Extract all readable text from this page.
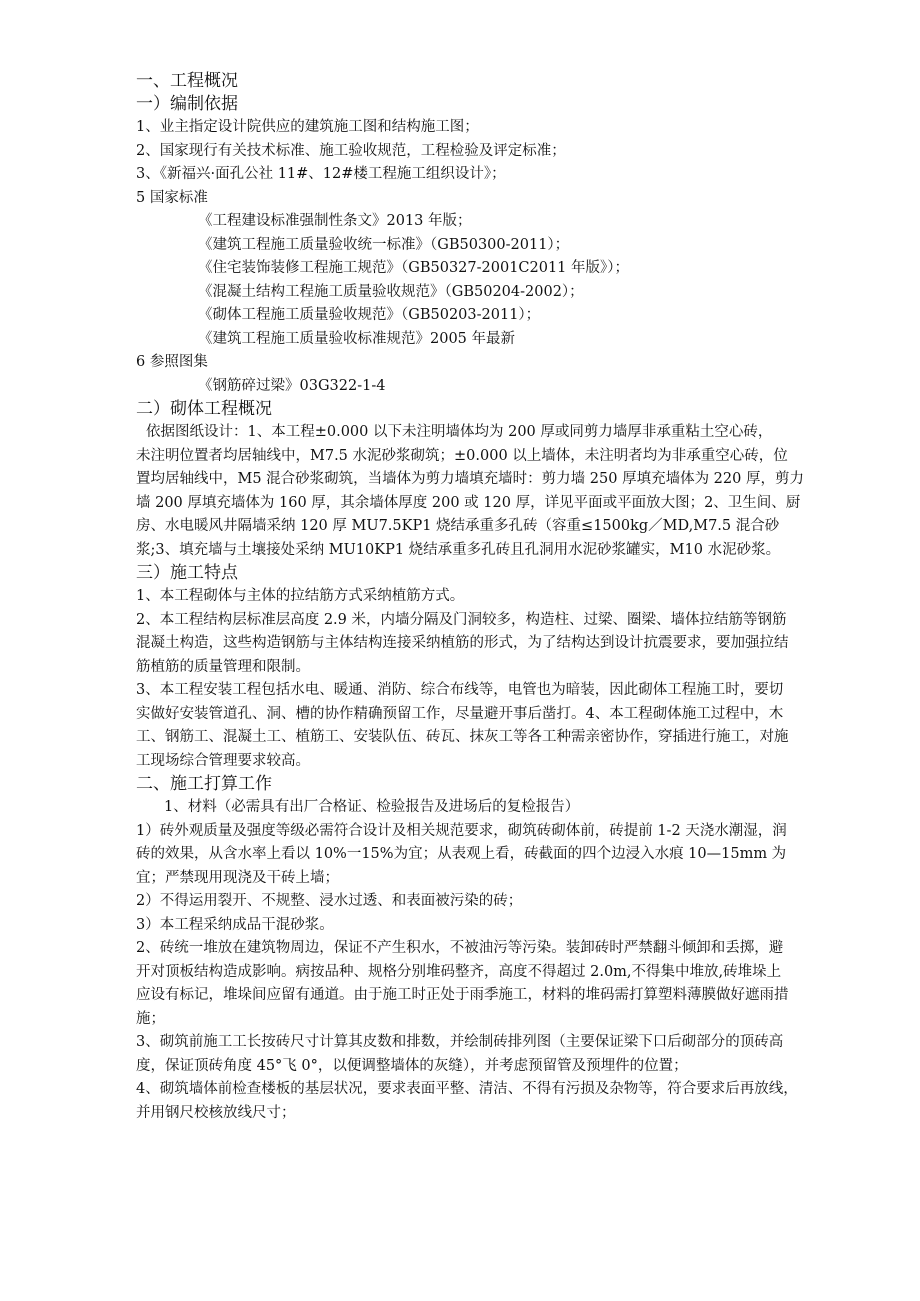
一、工程概况
一）编制依据
1、业主指定设计院供应的建筑施工图和结构施工图；
2、国家现行有关技术标准、施工验收规范，工程检验及评定标准；
3、《新福兴·面孔公社 11#、12#楼工程施工组织设计》；
5 国家标准
《工程建设标准强制性条文》2013 年版；
《建筑工程施工质量验收统一标准》（GB50300-2011）；
《住宅装饰装修工程施工规范》（GB50327-2001C2011 年版》）；
《混凝土结构工程施工质量验收规范》（GB50204-2002）；
《砌体工程施工质量验收规范》（GB50203-2011）；
《建筑工程施工质量验收标准规范》2005 年最新
6 参照图集
《钢筋碎过梁》03G322-1-4
二）砌体工程概况
依据图纸设计：1、本工程±0.000 以下未注明墙体均为 200 厚或同剪力墙厚非承重粘土空心砖，
未注明位置者均居轴线中，M7.5 水泥砂浆砌筑；±0.000 以上墙体，未注明者均为非承重空心砖，位
置均居轴线中，M5 混合砂浆砌筑，当墙体为剪力墙填充墙时：剪力墙 250 厚填充墙体为 220 厚，剪力
墙 200 厚填充墙体为 160 厚，其余墙体厚度 200 或 120 厚，详见平面或平面放大图；2、卫生间、厨
房、水电暖风井隔墙采纳 120 厚 MU7.5KP1 烧结承重多孔砖（容重≤1500kg／MD,M7.5 混合砂
浆;3、填充墙与土壤接处采纳 MU10KP1 烧结承重多孔砖且孔洞用水泥砂浆罐实，M10 水泥砂浆。
三）施工特点
1、本工程砌体与主体的拉结筋方式采纳植筋方式。
2、本工程结构层标准层高度 2.9 米，内墙分隔及门洞较多，构造柱、过梁、圈梁、墙体拉结筋等钢筋
混凝土构造，这些构造钢筋与主体结构连接采纳植筋的形式，为了结构达到设计抗震要求，要加强拉结
筋植筋的质量管理和限制。
3、本工程安装工程包括水电、暖通、消防、综合布线等，电管也为暗装，因此砌体工程施工时，要切
实做好安装管道孔、洞、槽的协作精确预留工作，尽量避开事后凿打。4、本工程砌体施工过程中，木
工、钢筋工、混凝土工、植筋工、安装队伍、砖瓦、抹灰工等各工种需亲密协作，穿插进行施工，对施
工现场综合管理要求较高。
二、施工打算工作
1、材料（必需具有出厂合格证、检验报告及进场后的复检报告）
1）砖外观质量及强度等级必需符合设计及相关规范要求，砌筑砖砌体前，砖提前 1-2 天浇水潮湿，润
砖的效果，从含水率上看以 10%一15%为宜；从表观上看，砖截面的四个边浸入水痕 10—15mm 为
宜；严禁现用现浇及干砖上墙；
2）不得运用裂开、不规整、浸水过透、和表面被污染的砖；
3）本工程采纳成品干混砂浆。
2、砖统一堆放在建筑物周边，保证不产生积水，不被油污等污染。装卸砖时严禁翻斗倾卸和丢掷，避
开对顶板结构造成影响。病按品种、规格分别堆码整齐，高度不得超过 2.0m,不得集中堆放,砖堆垛上
应设有标记，堆垛间应留有通道。由于施工时正处于雨季施工，材料的堆码需打算塑料薄膜做好遮雨措
施；
3、砌筑前施工工长按砖尺寸计算其皮数和排数，并绘制砖排列图（主要保证梁下口后砌部分的顶砖高
度，保证顶砖角度 45°飞 0°，以便调整墙体的灰缝），并考虑预留管及预埋件的位置；
4、砌筑墙体前检查楼板的基层状况，要求表面平整、清洁、不得有污损及杂物等，符合要求后再放线，
并用钢尺校核放线尺寸；
